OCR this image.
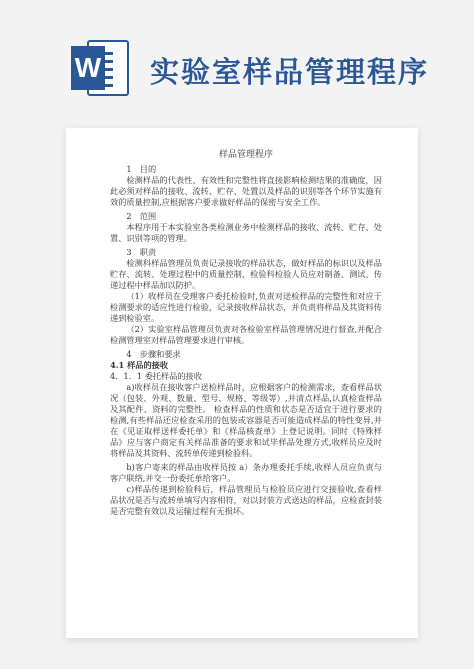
W 实验室样品管理程序
样品管理程序

1　目的

检测样品的代表性、有效性和完整性将直接影响检测结果的准确度，因此必须对样品的接收、流转、贮存、处置以及样品的识别等各个环节实施有效的质量控制,应根据客户要求做好样品的保密与安全工作。

2　范围

本程序用于本实验室各类检测业务中检测样品的接收、流转、贮存、处置、识别等项的管理。

3　职责

检测科样品管理员负责记录接收的样品状态，做好样品的标识以及样品贮存、流转、处理过程中的质量控制，检验科检验人员应对制备、测试、传递过程中样品加以防护。

（1）收样员在受理客户委托检验时,负责对送检样品的完整性和对应于检测要求的适应性进行检验，记录接收样品状态，并负责将样品及其资料传递到检验室。

（2）实验室样品管理员负责对各检验室样品管理情况进行督查,并配合检测管理室对样品管理要求进行审核。

4　步骤和要求

4.1 样品的接收

4．1．1 委托样品的接收

a)收样员在接收客户送检样品时，应根据客户的检测需求，查看样品状况（包装、外观、数量、型号、规格、等级等）,并清点样品,认真检查样品及其配件、资料的完整性。 检查样品的性质和状态是否适宜于进行要求的检测,有些样品还应检查采用的包装或容器是否可能造成样品的特性变异,并在《见证取样送样委托单》和《样品核查单》上登记说明。同时《特殊样品》应与客户商定有关样品准备的要求和试毕样品处理方式,收样员应及时将样品及其资料、流转单传递到检验科。

b)客户寄来的样品由收样员按 a）条办理委托手续,收样人员应负责与客户联络,并交一份委托单给客户。

c)样品传递到检验科后，样品管理员与检验员应进行交接验收,查看样品状况是否与流转单填写内容相符，对以封装方式送达的样品，应检查封装是否完整有效以及运输过程有无损坏。
